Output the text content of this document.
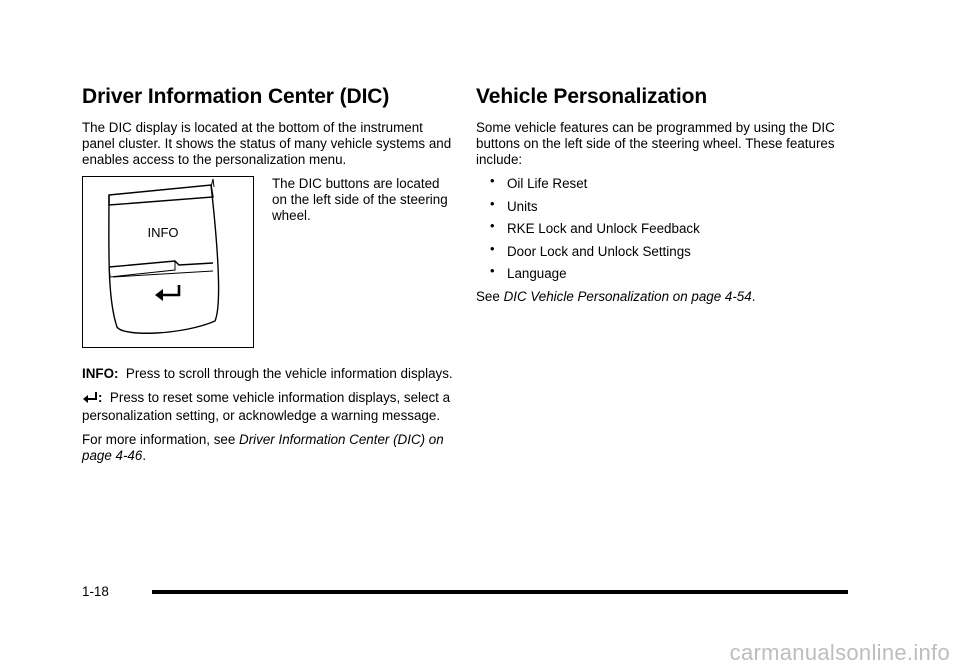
Driver Information Center (DIC)

The DIC display is located at the bottom of the instrument panel cluster. It shows the status of many vehicle systems and enables access to the personalization menu.

INFO
The DIC buttons are located on the left side of the steering wheel.

INFO: Press to scroll through the vehicle information displays.

: Press to reset some vehicle information displays, select a personalization setting, or acknowledge a warning message.

For more information, see Driver Information Center (DIC) on page 4-46.

Vehicle Personalization

Some vehicle features can be programmed by using the DIC buttons on the left side of the steering wheel. These features include:

• Oil Life Reset
• Units
• RKE Lock and Unlock Feedback
• Door Lock and Unlock Settings
• Language

See DIC Vehicle Personalization on page 4-54.

1-18
carmanualsonline.info
